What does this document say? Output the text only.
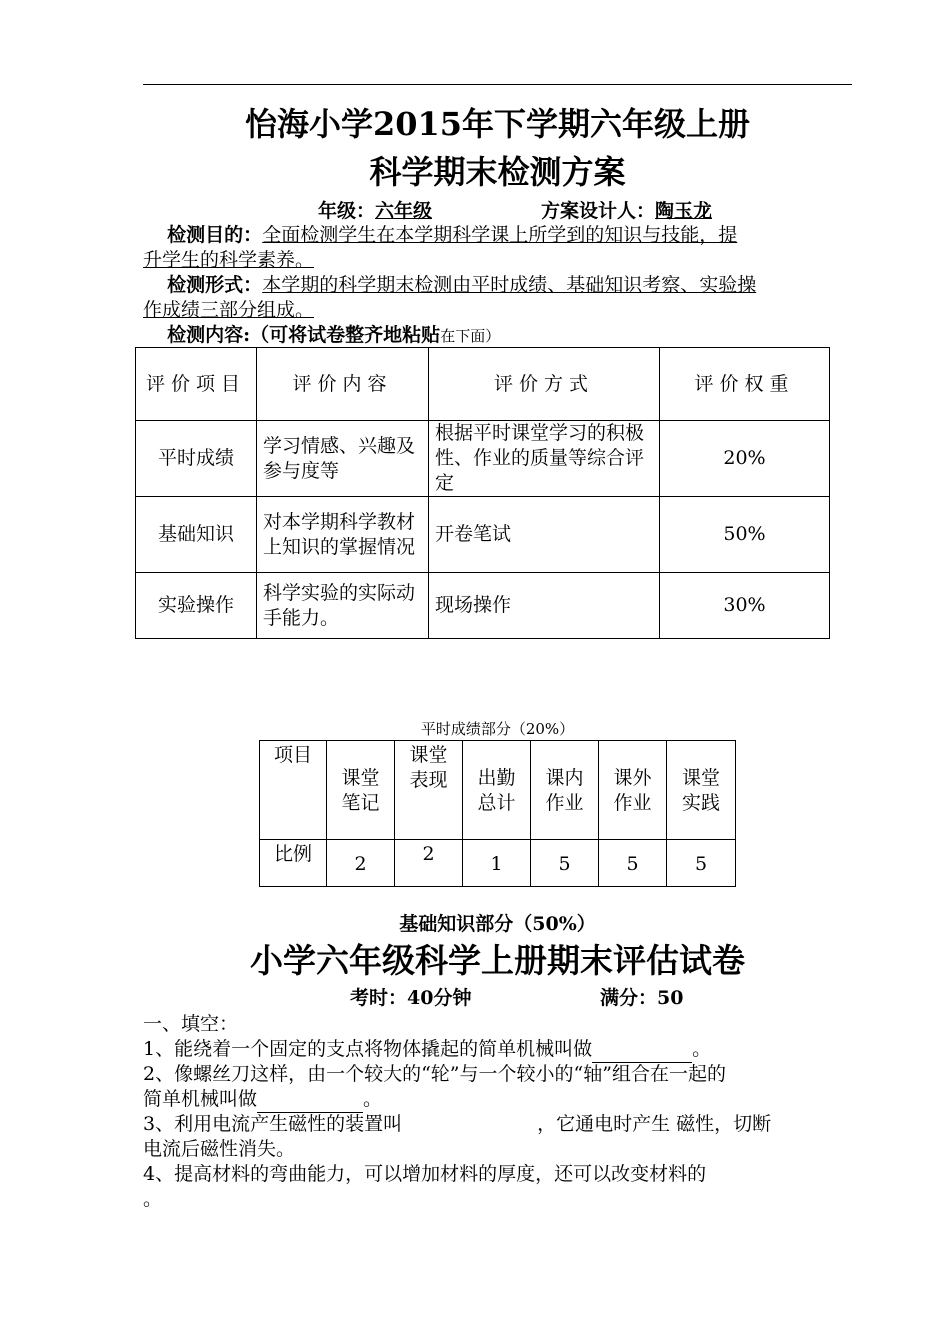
怡海小学2015年下学期六年级上册
科学期末检测方案
年级：六年级	方案设计人：陶玉龙
检测目的：全面检测学生在本学期科学课上所学到的知识与技能，提
升学生的科学素养。
检测形式：本学期的科学期末检测由平时成绩、基础知识考察、实验操
作成绩三部分组成。
检测内容:（可将试卷整齐地粘贴在下面）
评价项目	评价内容	评价方式	评价权重
平时成绩	学习情感、兴趣及参与度等	根据平时课堂学习的积极性、作业的质量等综合评定	20%
基础知识	对本学期科学教材上知识的掌握情况	开卷笔试	50%
实验操作	科学实验的实际动手能力。	现场操作	30%
平时成绩部分（20%）
项目	课堂笔记	课堂表现	出勤总计	课内作业	课外作业	课堂实践
比例	2	2	1	5	5	5
基础知识部分（50%）
小学六年级科学上册期末评估试卷
考时：40分钟	满分：50
一、填空：
1、能绕着一个固定的支点将物体撬起的简单机械叫做	。
2、像螺丝刀这样，由一个较大的“轮”与一个较小的“轴”组合在一起的
简单机械叫做	。
3、利用电流产生磁性的装置叫	，它通电时产生 磁性，切断
电流后磁性消失。
4、提高材料的弯曲能力，可以增加材料的厚度，还可以改变材料的
。
